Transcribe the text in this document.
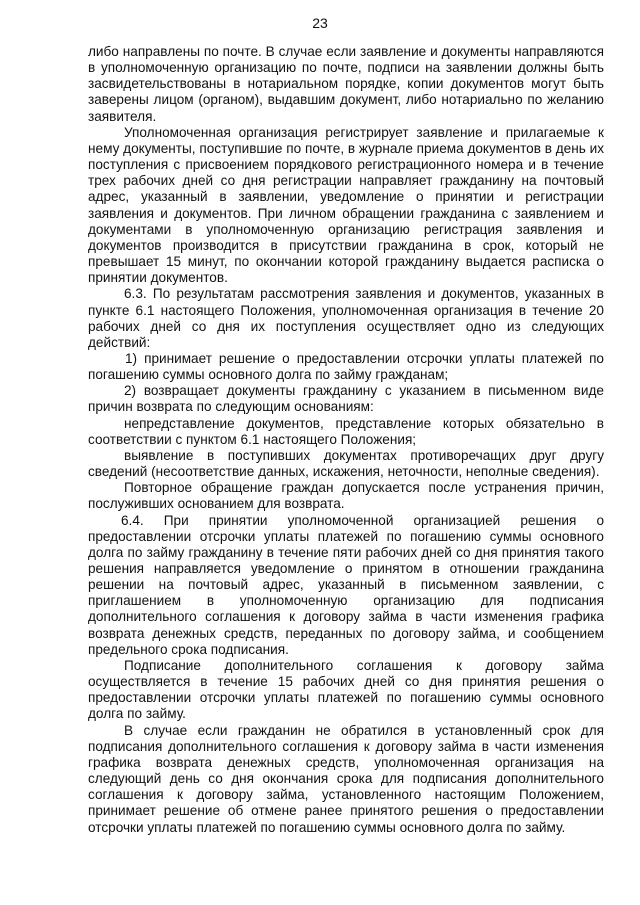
23

либо направлены по почте. В случае если заявление и документы направляются в уполномоченную организацию по почте, подписи на заявлении должны быть засвидетельствованы в нотариальном порядке, копии документов могут быть заверены лицом (органом), выдавшим документ, либо нотариально по желанию заявителя.

Уполномоченная организация регистрирует заявление и прилагаемые к нему документы, поступившие по почте, в журнале приема документов в день их поступления с присвоением порядкового регистрационного номера и в течение трех рабочих дней со дня регистрации направляет гражданину на почтовый адрес, указанный в заявлении, уведомление о принятии и регистрации заявления и документов. При личном обращении гражданина с заявлением и документами в уполномоченную организацию регистрация заявления и документов производится в присутствии гражданина в срок, который не превышает 15 минут, по окончании которой гражданину выдается расписка о принятии документов.

6.3. По результатам рассмотрения заявления и документов, указанных в пункте 6.1 настоящего Положения, уполномоченная организация в течение 20 рабочих дней со дня их поступления осуществляет одно из следующих действий:

1) принимает решение о предоставлении отсрочки уплаты платежей по погашению суммы основного долга по займу гражданам;

2) возвращает документы гражданину с указанием в письменном виде причин возврата по следующим основаниям:

непредставление документов, представление которых обязательно в соответствии с пунктом 6.1 настоящего Положения;

выявление в поступивших документах противоречащих друг другу сведений (несоответствие данных, искажения, неточности, неполные сведения).

Повторное обращение граждан допускается после устранения причин, послуживших основанием для возврата.

6.4. При принятии уполномоченной организацией решения о предоставлении отсрочки уплаты платежей по погашению суммы основного долга по займу гражданину в течение пяти рабочих дней со дня принятия такого решения направляется уведомление о принятом в отношении гражданина решении на почтовый адрес, указанный в письменном заявлении, с приглашением в уполномоченную организацию для подписания дополнительного соглашения к договору займа в части изменения графика возврата денежных средств, переданных по договору займа, и сообщением предельного срока подписания.

Подписание дополнительного соглашения к договору займа осуществляется в течение 15 рабочих дней со дня принятия решения о предоставлении отсрочки уплаты платежей по погашению суммы основного долга по займу.

В случае если гражданин не обратился в установленный срок для подписания дополнительного соглашения к договору займа в части изменения графика возврата денежных средств, уполномоченная организация на следующий день со дня окончания срока для подписания дополнительного соглашения к договору займа, установленного настоящим Положением, принимает решение об отмене ранее принятого решения о предоставлении отсрочки уплаты платежей по погашению суммы основного долга по займу.
